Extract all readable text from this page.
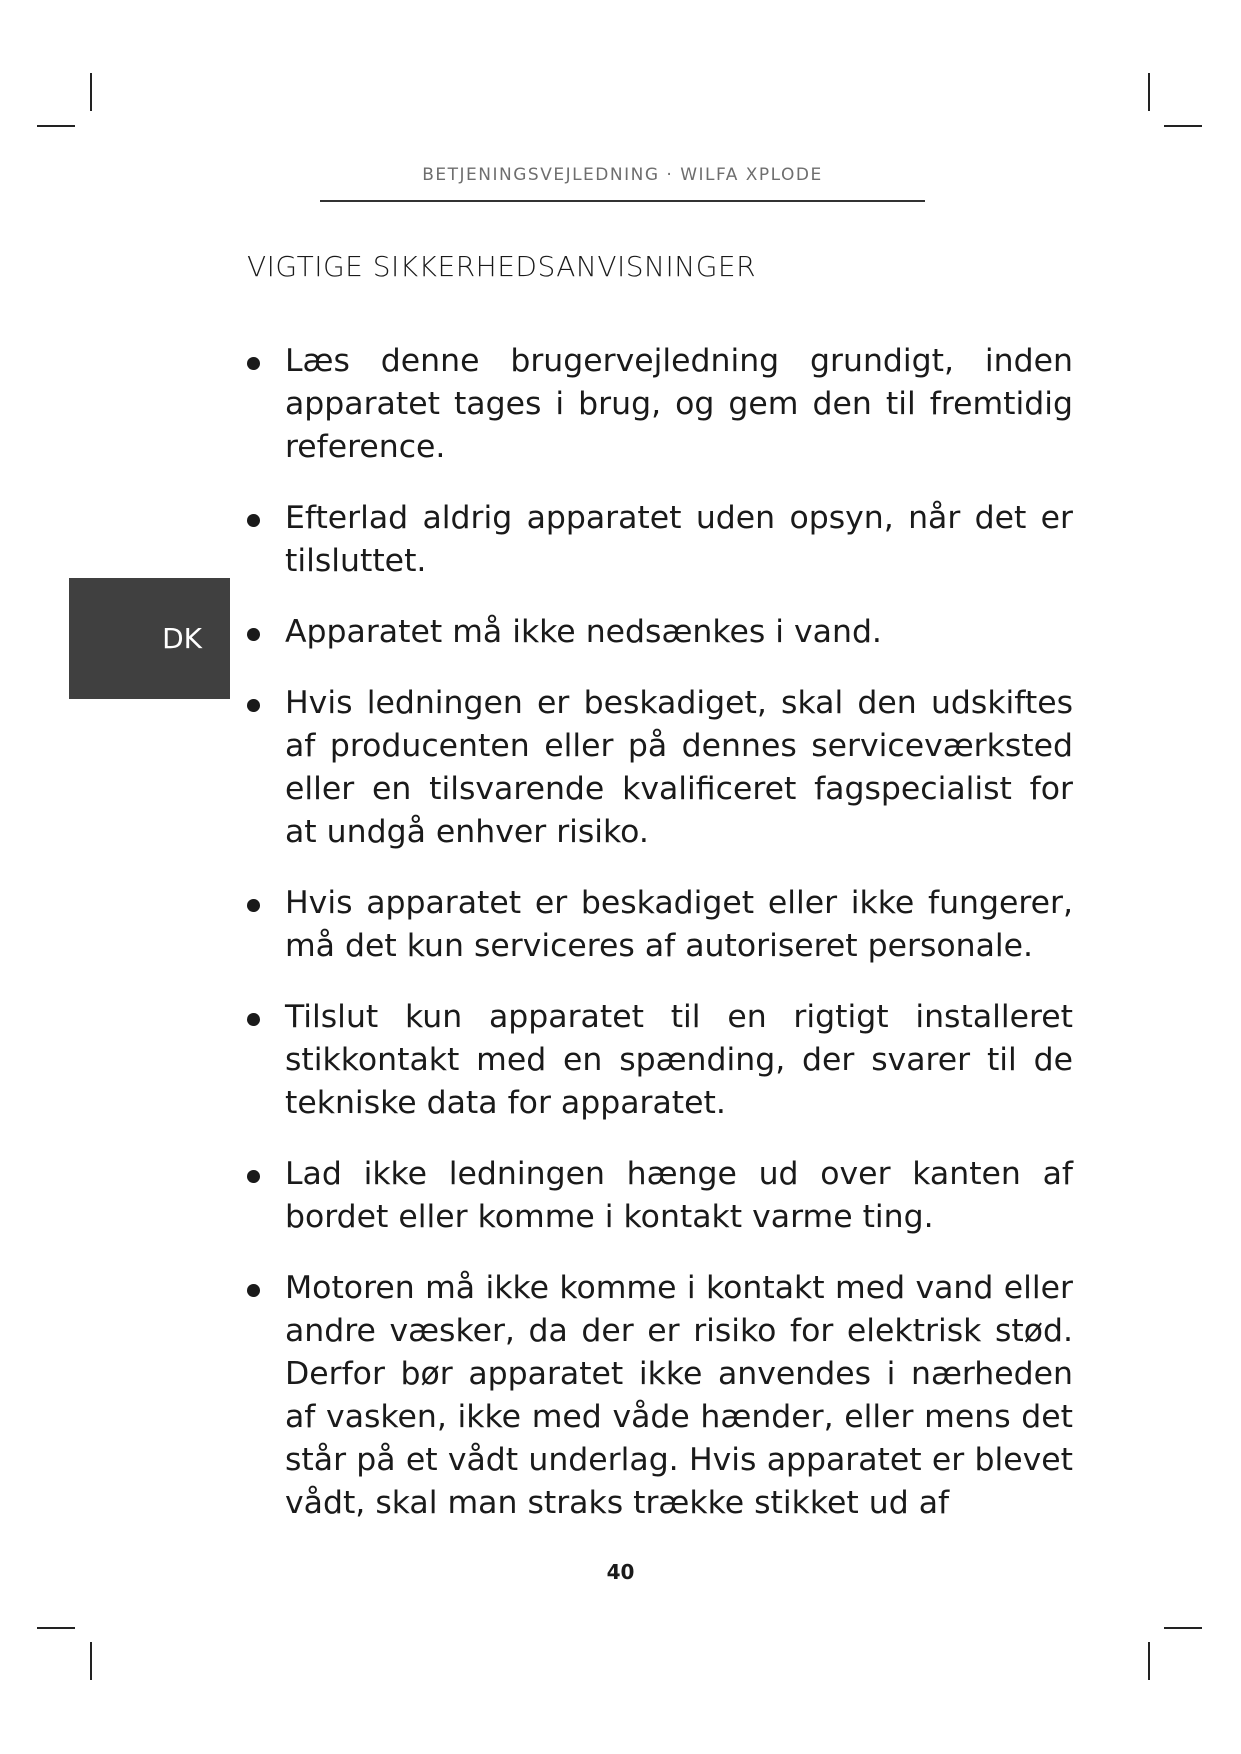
BETJENINGSVEJLEDNING · WILFA XPLODE
VIGTIGE SIKKERHEDSANVISNINGER
DK
Læs denne brugervejledning grundigt, inden apparatet tages i brug, og gem den til fremtidig reference.
Efterlad aldrig apparatet uden opsyn, når det er tilsluttet.
Apparatet må ikke nedsænkes i vand.
Hvis ledningen er beskadiget, skal den udskiftes af producenten eller på dennes serviceværksted eller en tilsvarende kvalificeret fagspecialist for at undgå enhver risiko.
Hvis apparatet er beskadiget eller ikke fungerer, må det kun serviceres af autoriseret personale.
Tilslut kun apparatet til en rigtigt installeret stikkontakt med en spænding, der svarer til de tekniske data for apparatet.
Lad ikke ledningen hænge ud over kanten af bordet eller komme i kontakt varme ting.
Motoren må ikke komme i kontakt med vand eller andre væsker, da der er risiko for elektrisk stød. Derfor bør apparatet ikke anvendes i nærheden af vasken, ikke med våde hænder, eller mens det står på et vådt underlag. Hvis apparatet er blevet vådt, skal man straks trække stikket ud af
40
